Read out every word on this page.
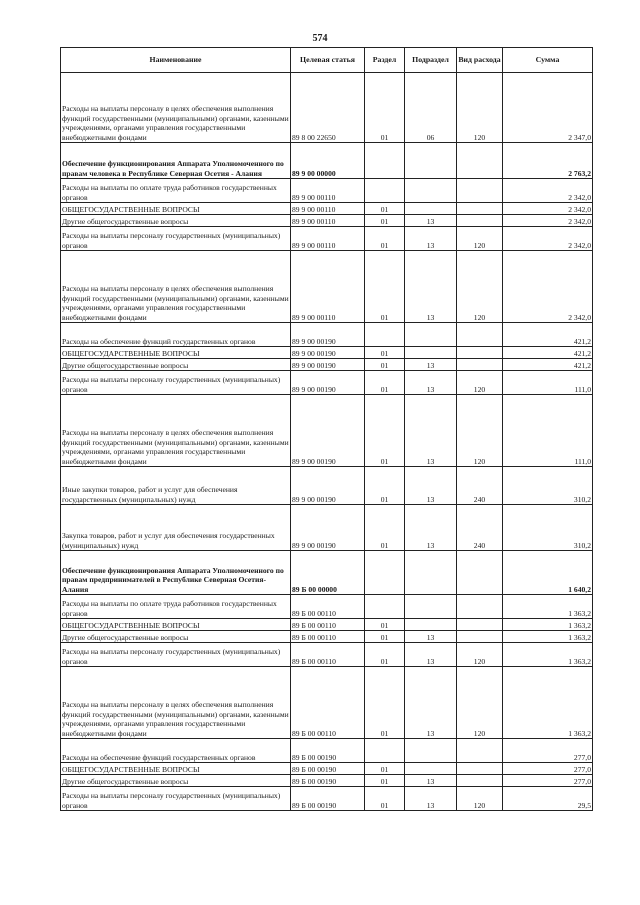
574
Наименование	Целевая статья	Раздел	Подраздел	Вид расхода	Сумма
Расходы на выплаты персоналу в целях обеспечения выполнения функций государственными (муниципальными) органами, казенными учреждениями, органами управления государственными внебюджетными фондами	89 8 00 22650	01	06	120	2 347,0
Обеспечение функционирования Аппарата Уполномоченного по правам человека в Республике Северная Осетия - Алания	89 9 00 00000				2 763,2
Расходы на выплаты по оплате труда работников государственных органов	89 9 00 00110				2 342,0
ОБЩЕГОСУДАРСТВЕННЫЕ ВОПРОСЫ	89 9 00 00110	01			2 342,0
Другие общегосударственные вопросы	89 9 00 00110	01	13		2 342,0
Расходы на выплаты персоналу государственных (муниципальных) органов	89 9 00 00110	01	13	120	2 342,0
Расходы на выплаты персоналу в целях обеспечения выполнения функций государственными (муниципальными) органами, казенными учреждениями, органами управления государственными внебюджетными фондами	89 9 00 00110	01	13	120	2 342,0
Расходы на обеспечение функций государственных органов	89 9 00 00190				421,2
ОБЩЕГОСУДАРСТВЕННЫЕ ВОПРОСЫ	89 9 00 00190	01			421,2
Другие общегосударственные вопросы	89 9 00 00190	01	13		421,2
Расходы на выплаты персоналу государственных (муниципальных) органов	89 9 00 00190	01	13	120	111,0
Расходы на выплаты персоналу в целях обеспечения выполнения функций государственными (муниципальными) органами, казенными учреждениями, органами управления государственными внебюджетными фондами	89 9 00 00190	01	13	120	111,0
Иные закупки товаров, работ и услуг для обеспечения государственных (муниципальных) нужд	89 9 00 00190	01	13	240	310,2
Закупка товаров, работ и услуг для обеспечения государственных (муниципальных) нужд	89 9 00 00190	01	13	240	310,2
Обеспечение функционирования Аппарата Уполномоченного по правам предпринимателей в Республике Северная Осетия-Алания	89 Б 00 00000				1 640,2
Расходы на выплаты по оплате труда работников государственных органов	89 Б 00 00110				1 363,2
ОБЩЕГОСУДАРСТВЕННЫЕ ВОПРОСЫ	89 Б 00 00110	01			1 363,2
Другие общегосударственные вопросы	89 Б 00 00110	01	13		1 363,2
Расходы на выплаты персоналу государственных (муниципальных) органов	89 Б 00 00110	01	13	120	1 363,2
Расходы на выплаты персоналу в целях обеспечения выполнения функций государственными (муниципальными) органами, казенными учреждениями, органами управления государственными внебюджетными фондами	89 Б 00 00110	01	13	120	1 363,2
Расходы на обеспечение функций государственных органов	89 Б 00 00190				277,0
ОБЩЕГОСУДАРСТВЕННЫЕ ВОПРОСЫ	89 Б 00 00190	01			277,0
Другие общегосударственные вопросы	89 Б 00 00190	01	13		277,0
Расходы на выплаты персоналу государственных (муниципальных) органов	89 Б 00 00190	01	13	120	29,5
